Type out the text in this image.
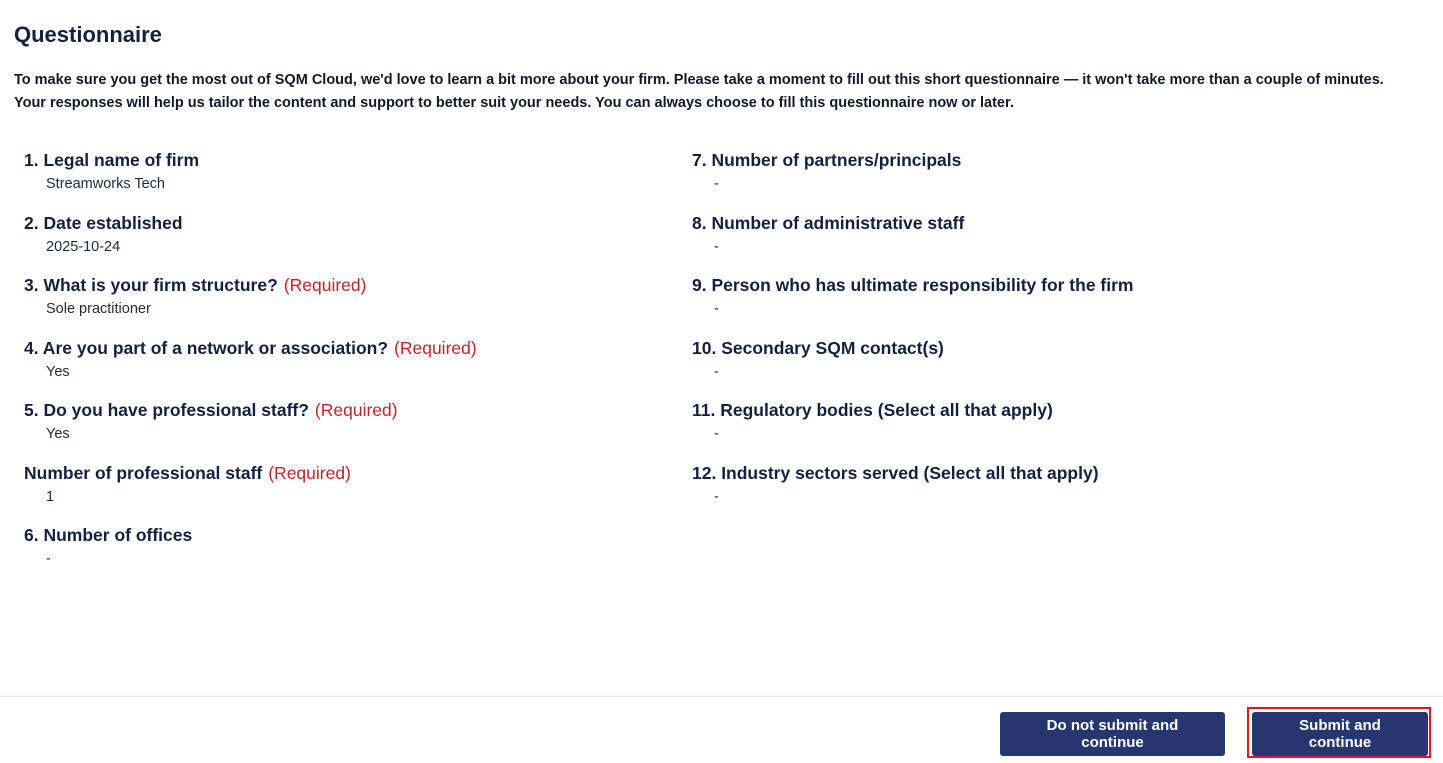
Questionnaire

To make sure you get the most out of SQM Cloud, we'd love to learn a bit more about your firm. Please take a moment to fill out this short questionnaire — it won't take more than a couple of minutes.

Your responses will help us tailor the content and support to better suit your needs. You can always choose to fill this questionnaire now or later.

1. Legal name of firm
Streamworks Tech
2. Date established
2025-10-24
3. What is your firm structure? (Required)
Sole practitioner
4. Are you part of a network or association? (Required)
Yes
5. Do you have professional staff? (Required)
Yes
Number of professional staff (Required)
1
6. Number of offices
-
7. Number of partners/principals
-
8. Number of administrative staff
-
9. Person who has ultimate responsibility for the firm
-
10. Secondary SQM contact(s)
-
11. Regulatory bodies (Select all that apply)
-
12. Industry sectors served (Select all that apply)
-
Do not submit and continue
Submit and continue
